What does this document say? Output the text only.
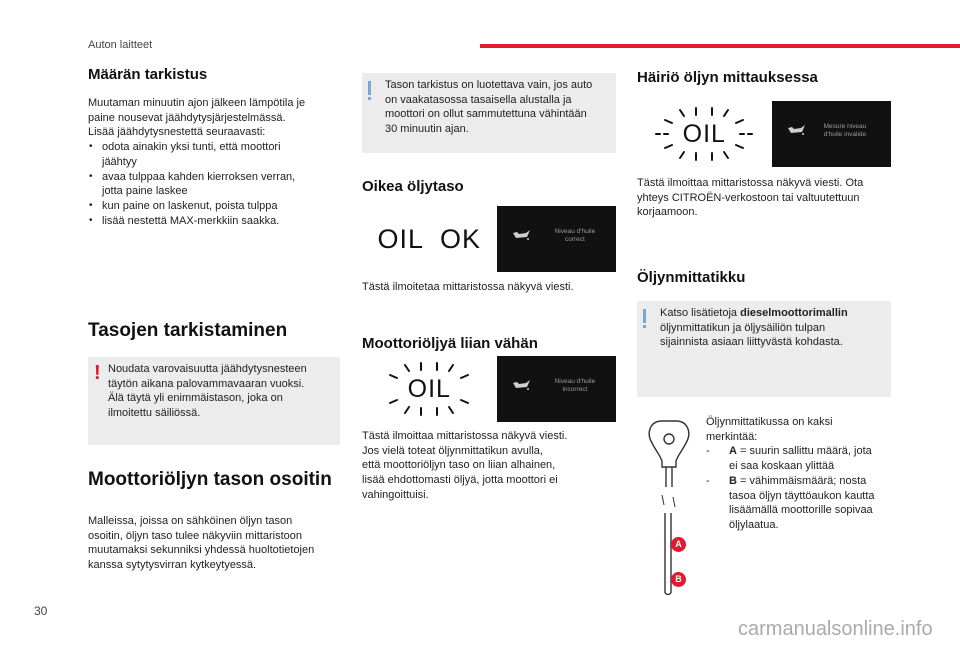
Auton laitteet
Määrän tarkistus
Muutaman minuutin ajon jälkeen lämpötila je
paine nousevat jäähdytysjärjestelmässä.
Lisää jäähdytysnestettä seuraavasti:
• odota ainakin yksi tunti, että moottori
jäähtyy
• avaa tulppaa kahden kierroksen verran,
jotta paine laskee
• kun paine on laskenut, poista tulppa
• lisää nestettä MAX-merkkiin saakka.
Tasojen tarkistaminen
! Noudata varovaisuutta jäähdytysnesteen
täytön aikana palovammavaaran vuoksi.
Älä täytä yli enimmäistason, joka on
ilmoitettu säiliössä.
Moottoriöljyn tason osoitin
Malleissa, joissa on sähköinen öljyn tason
osoitin, öljyn taso tulee näkyviin mittaristoon
muutamaksi sekunniksi yhdessä huoltotietojen
kanssa sytytysvirran kytkeytyessä.
Tason tarkistus on luotettava vain, jos auto
on vaakatasossa tasaisella alustalla ja
moottori on ollut sammutettuna vähintään
30 minuutin ajan.
Oikea öljytaso
OIL  OK	Niveau d'huile
correct
Tästä ilmoitetaa mittaristossa näkyvä viesti.
Moottoriöljyä liian vähän
OIL	Niveau d'huile
incorrect
Tästä ilmoittaa mittaristossa näkyvä viesti.
Jos vielä toteat öljynmittatikun avulla,
että moottoriöljyn taso on liian alhainen,
lisää ehdottomasti öljyä, jotta moottori ei
vahingoittuisi.
Häiriö öljyn mittauksessa
OIL	Mesure niveau
d'huile invalide
Tästä ilmoittaa mittaristossa näkyvä viesti. Ota
yhteys CITROËN-verkostoon tai valtuutettuun
korjaamoon.
Öljynmittatikku
Katso lisätietoja dieselmoottorimallin
öljynmittatikun ja öljysäiliön tulpan
sijainnista asiaan liittyvästä kohdasta.
A
B
Öljynmittatikussa on kaksi
merkintää:
- A = suurin sallittu määrä, jota
ei saa koskaan ylittää
- B = vähimmäismäärä; nosta
tasoa öljyn täyttöaukon kautta
lisäämällä moottorille sopivaa
öljylaatua.
30
carmanualsonline.info
